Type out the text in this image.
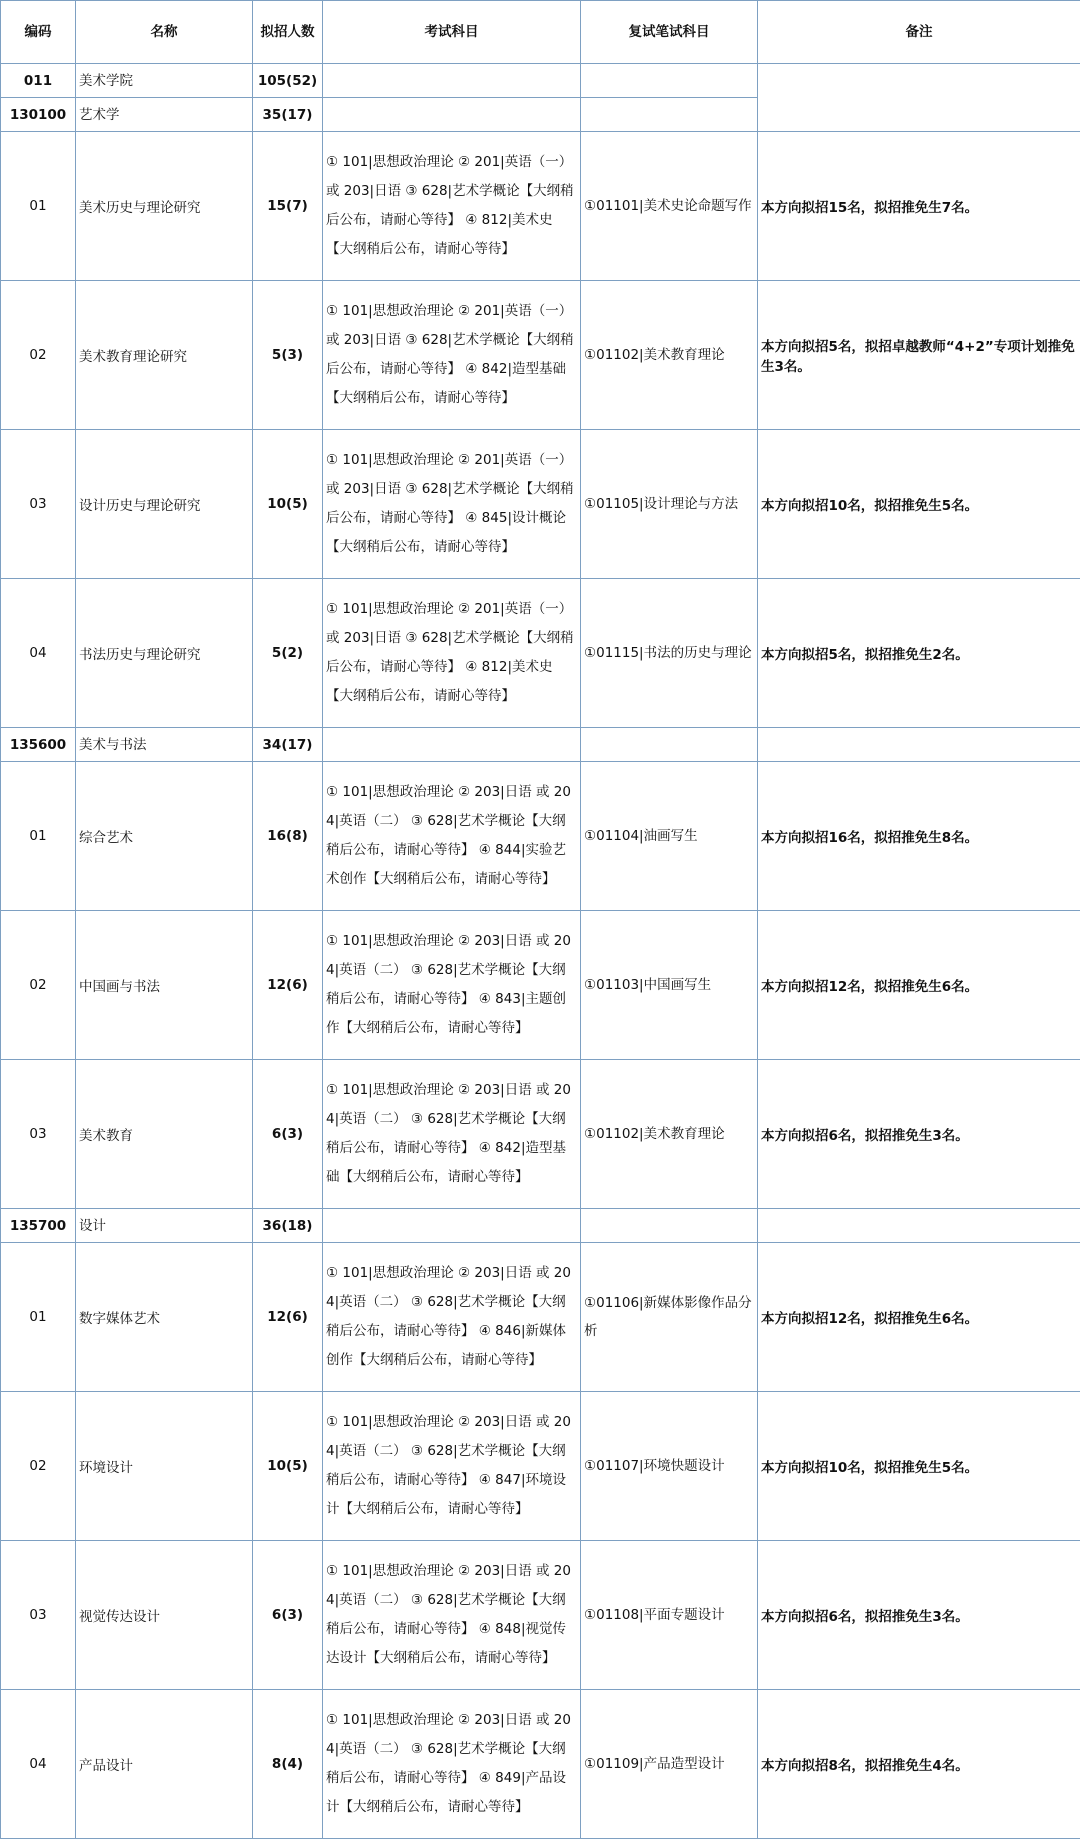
编码	名称	拟招人数	考试科目	复试笔试科目	备注
011	美术学院	105(52)			
130100	艺术学	35(17)			
01	美术历史与理论研究	15(7)	① 101|思想政治理论 ② 201|英语（一） 或 203|日语 ③ 628|艺术学概论【大纲稍后公布，请耐心等待】 ④ 812|美术史【大纲稍后公布，请耐心等待】	①01101|美术史论命题写作	本方向拟招15名，拟招推免生7名。
02	美术教育理论研究	5(3)	① 101|思想政治理论 ② 201|英语（一） 或 203|日语 ③ 628|艺术学概论【大纲稍后公布，请耐心等待】 ④ 842|造型基础【大纲稍后公布，请耐心等待】	①01102|美术教育理论	本方向拟招5名，拟招卓越教师“4+2”专项计划推免生3名。
03	设计历史与理论研究	10(5)	① 101|思想政治理论 ② 201|英语（一） 或 203|日语 ③ 628|艺术学概论【大纲稍后公布，请耐心等待】 ④ 845|设计概论【大纲稍后公布，请耐心等待】	①01105|设计理论与方法	本方向拟招10名，拟招推免生5名。
04	书法历史与理论研究	5(2)	① 101|思想政治理论 ② 201|英语（一） 或 203|日语 ③ 628|艺术学概论【大纲稍后公布，请耐心等待】 ④ 812|美术史【大纲稍后公布，请耐心等待】	①01115|书法的历史与理论	本方向拟招5名，拟招推免生2名。
135600	美术与书法	34(17)			
01	综合艺术	16(8)	① 101|思想政治理论 ② 203|日语 或 204|英语（二） ③ 628|艺术学概论【大纲稍后公布，请耐心等待】 ④ 844|实验艺术创作【大纲稍后公布，请耐心等待】	①01104|油画写生	本方向拟招16名，拟招推免生8名。
02	中国画与书法	12(6)	① 101|思想政治理论 ② 203|日语 或 204|英语（二） ③ 628|艺术学概论【大纲稍后公布，请耐心等待】 ④ 843|主题创作【大纲稍后公布，请耐心等待】	①01103|中国画写生	本方向拟招12名，拟招推免生6名。
03	美术教育	6(3)	① 101|思想政治理论 ② 203|日语 或 204|英语（二） ③ 628|艺术学概论【大纲稍后公布，请耐心等待】 ④ 842|造型基础【大纲稍后公布，请耐心等待】	①01102|美术教育理论	本方向拟招6名，拟招推免生3名。
135700	设计	36(18)			
01	数字媒体艺术	12(6)	① 101|思想政治理论 ② 203|日语 或 204|英语（二） ③ 628|艺术学概论【大纲稍后公布，请耐心等待】 ④ 846|新媒体创作【大纲稍后公布，请耐心等待】	①01106|新媒体影像作品分析	本方向拟招12名，拟招推免生6名。
02	环境设计	10(5)	① 101|思想政治理论 ② 203|日语 或 204|英语（二） ③ 628|艺术学概论【大纲稍后公布，请耐心等待】 ④ 847|环境设计【大纲稍后公布，请耐心等待】	①01107|环境快题设计	本方向拟招10名，拟招推免生5名。
03	视觉传达设计	6(3)	① 101|思想政治理论 ② 203|日语 或 204|英语（二） ③ 628|艺术学概论【大纲稍后公布，请耐心等待】 ④ 848|视觉传达设计【大纲稍后公布，请耐心等待】	①01108|平面专题设计	本方向拟招6名，拟招推免生3名。
04	产品设计	8(4)	① 101|思想政治理论 ② 203|日语 或 204|英语（二） ③ 628|艺术学概论【大纲稍后公布，请耐心等待】 ④ 849|产品设计【大纲稍后公布，请耐心等待】	①01109|产品造型设计	本方向拟招8名，拟招推免生4名。
